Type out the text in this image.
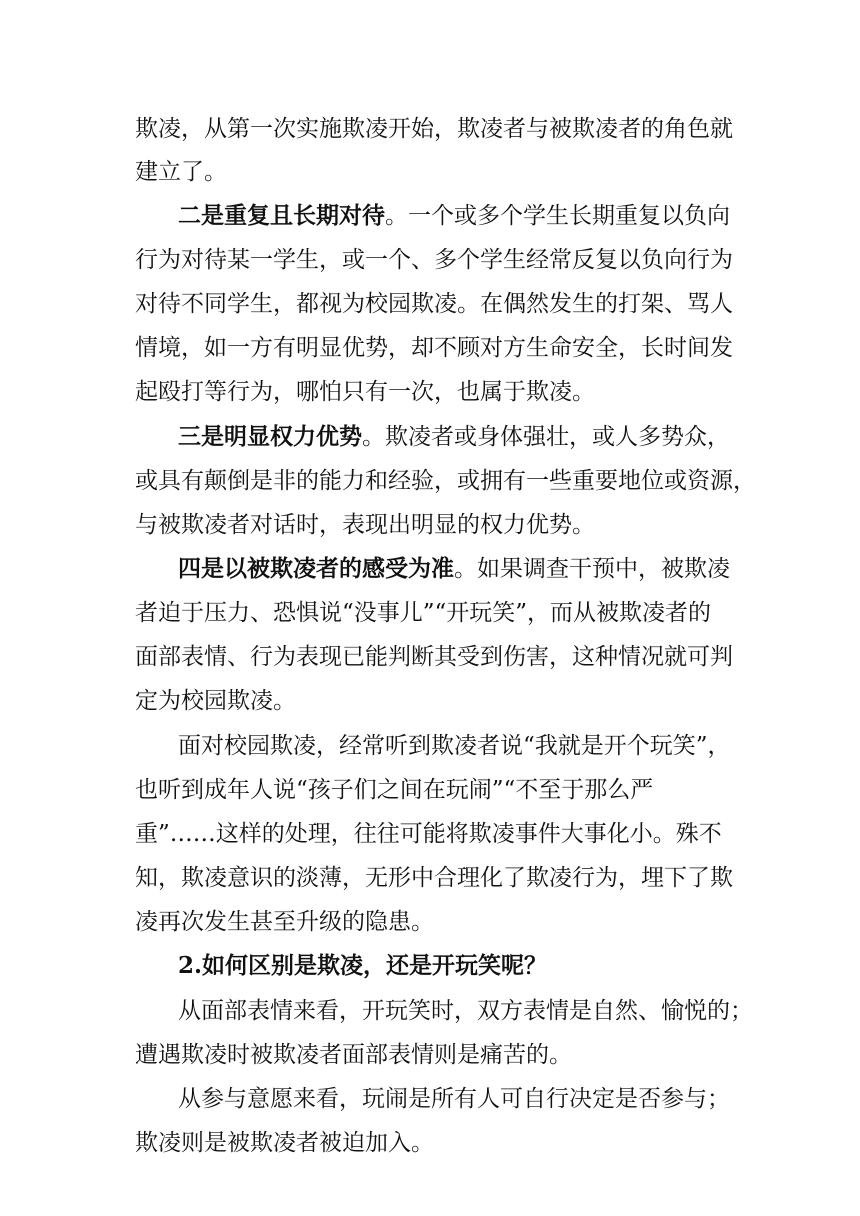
欺凌，从第一次实施欺凌开始，欺凌者与被欺凌者的角色就
建立了。
二是重复且长期对待。一个或多个学生长期重复以负向
行为对待某一学生，或一个、多个学生经常反复以负向行为
对待不同学生，都视为校园欺凌。在偶然发生的打架、骂人
情境，如一方有明显优势，却不顾对方生命安全，长时间发
起殴打等行为，哪怕只有一次，也属于欺凌。
三是明显权力优势。欺凌者或身体强壮，或人多势众，
或具有颠倒是非的能力和经验，或拥有一些重要地位或资源，
与被欺凌者对话时，表现出明显的权力优势。
四是以被欺凌者的感受为准。如果调查干预中，被欺凌
者迫于压力、恐惧说“没事儿”“开玩笑”，而从被欺凌者的
面部表情、行为表现已能判断其受到伤害，这种情况就可判
定为校园欺凌。
面对校园欺凌，经常听到欺凌者说“我就是开个玩笑”，
也听到成年人说“孩子们之间在玩闹”“不至于那么严
重”……这样的处理，往往可能将欺凌事件大事化小。殊不
知，欺凌意识的淡薄，无形中合理化了欺凌行为，埋下了欺
凌再次发生甚至升级的隐患。
2.如何区别是欺凌，还是开玩笑呢？
从面部表情来看，开玩笑时，双方表情是自然、愉悦的；
遭遇欺凌时被欺凌者面部表情则是痛苦的。
从参与意愿来看，玩闹是所有人可自行决定是否参与；
欺凌则是被欺凌者被迫加入。
